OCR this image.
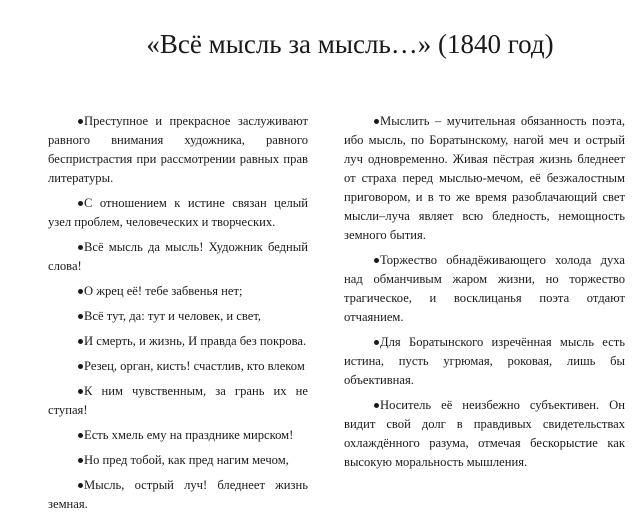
«Всё мысль за мысль…» (1840 год)

Преступное и прекрасное заслуживают равного внимания художника, равного беспристрастия при рассмотрении равных прав литературы.

С отношением к истине связан целый узел проблем, человеческих и творческих.

Всё мысль да мысль! Художник бедный слова!

О жрец её! тебе забвенья нет;

Всё тут, да: тут и человек, и свет,

И смерть, и жизнь, И правда без покрова.

Резец, орган, кисть! счастлив, кто влеком

К ним чувственным, за грань их не ступая!

Есть хмель ему на празднике мирском!

Но пред тобой, как пред нагим мечом,

Мысль, острый луч! бледнеет жизнь земная.

Мыслить – мучительная обязанность поэта, ибо мысль, по Боратынскому, нагой меч и острый луч одновременно. Живая пёстрая жизнь бледнеет от страха перед мыслью-мечом, её безжалостным приговором, и в то же время разоблачающий свет мысли–луча являет всю бледность, немощность земного бытия.

Торжество обнадёживающего холода духа над обманчивым жаром жизни, но торжество трагическое, и восклицанья поэта отдают отчаянием.

Для Боратынского изречённая мысль есть истина, пусть угрюмая, роковая, лишь бы объективная.

Носитель её неизбежно субъективен. Он видит свой долг в правдивых свидетельствах охлаждённого разума, отмечая бескорыстие как высокую моральность мышления.
